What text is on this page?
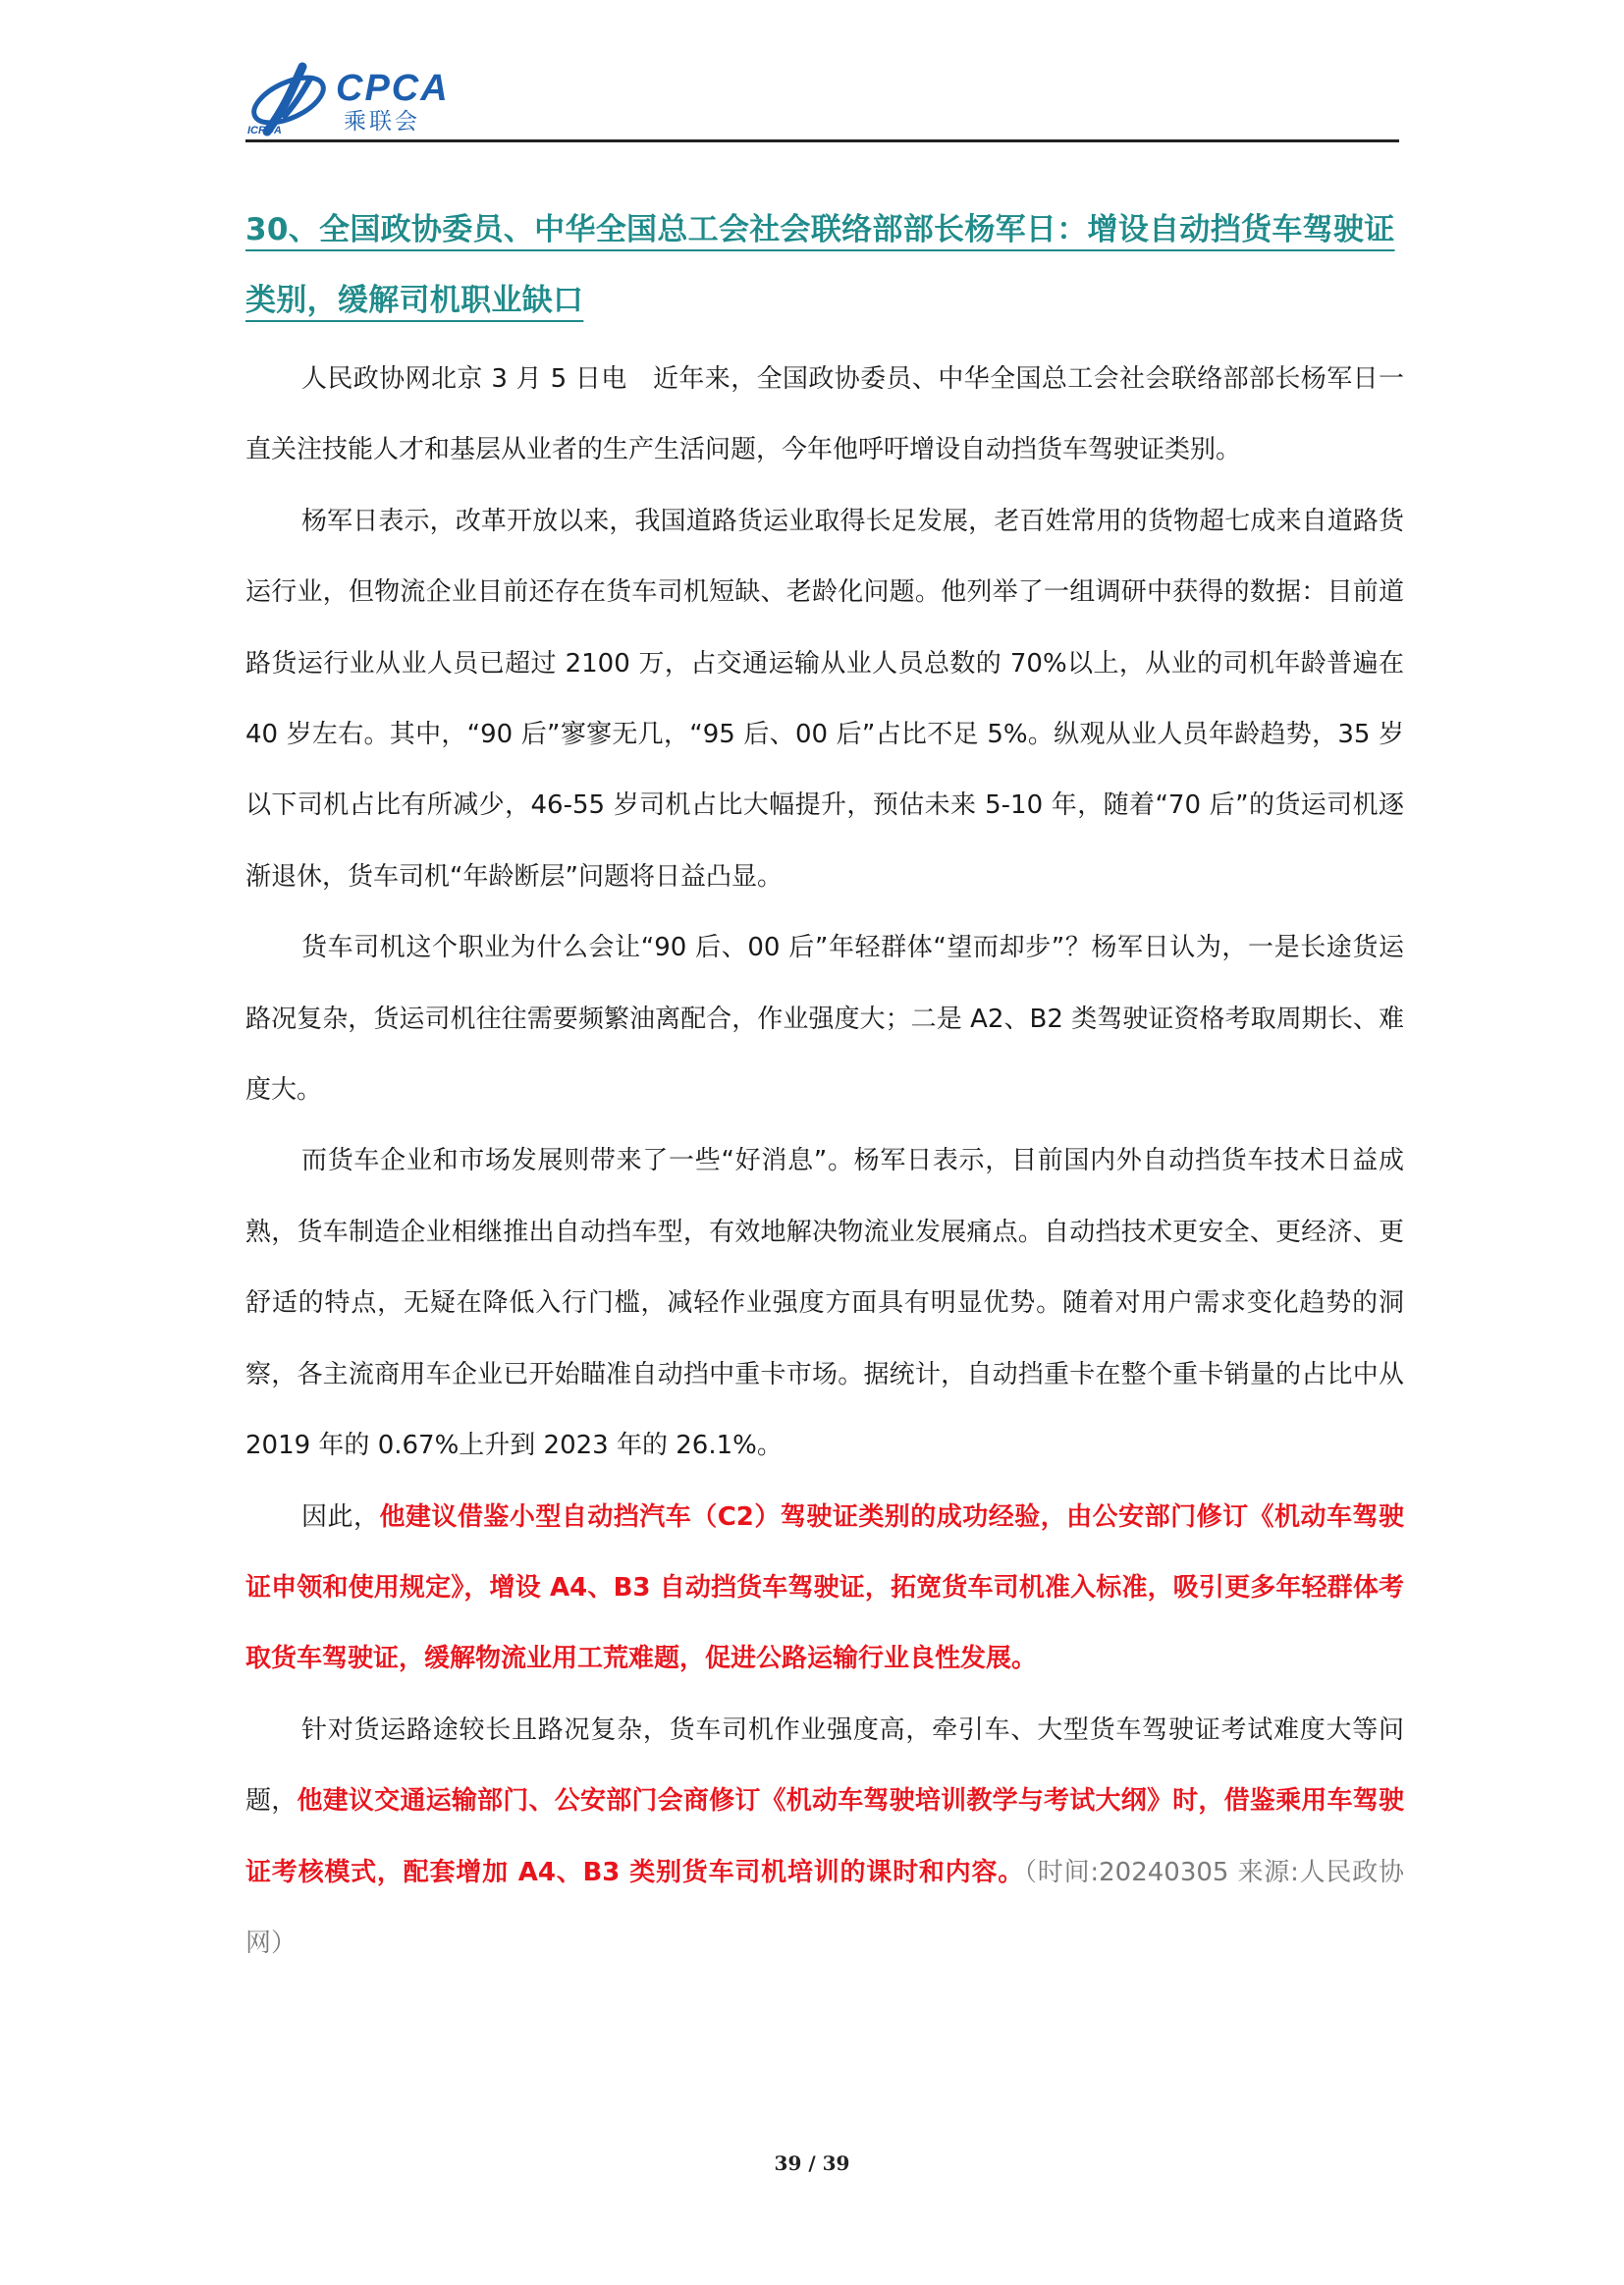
CPCA
乘联会
ICRDA
30、全国政协委员、中华全国总工会社会联络部部长杨军日：增设自动挡货车驾驶证类别，缓解司机职业缺口

人民政协网北京 3 月 5 日电　近年来，全国政协委员、中华全国总工会社会联络部部长杨军日一直关注技能人才和基层从业者的生产生活问题，今年他呼吁增设自动挡货车驾驶证类别。

杨军日表示，改革开放以来，我国道路货运业取得长足发展，老百姓常用的货物超七成来自道路货运行业，但物流企业目前还存在货车司机短缺、老龄化问题。他列举了一组调研中获得的数据：目前道路货运行业从业人员已超过 2100 万，占交通运输从业人员总数的 70%以上，从业的司机年龄普遍在 40 岁左右。其中，“90 后”寥寥无几，“95 后、00 后”占比不足 5%。纵观从业人员年龄趋势，35 岁以下司机占比有所减少，46-55 岁司机占比大幅提升，预估未来 5-10 年，随着“70 后”的货运司机逐渐退休，货车司机“年龄断层”问题将日益凸显。

货车司机这个职业为什么会让“90 后、00 后”年轻群体“望而却步”？杨军日认为，一是长途货运路况复杂，货运司机往往需要频繁油离配合，作业强度大；二是 A2、B2 类驾驶证资格考取周期长、难度大。

而货车企业和市场发展则带来了一些“好消息”。杨军日表示，目前国内外自动挡货车技术日益成熟，货车制造企业相继推出自动挡车型，有效地解决物流业发展痛点。自动挡技术更安全、更经济、更舒适的特点，无疑在降低入行门槛，减轻作业强度方面具有明显优势。随着对用户需求变化趋势的洞察，各主流商用车企业已开始瞄准自动挡中重卡市场。据统计，自动挡重卡在整个重卡销量的占比中从 2019 年的 0.67%上升到 2023 年的 26.1%。

因此，他建议借鉴小型自动挡汽车（C2）驾驶证类别的成功经验，由公安部门修订《机动车驾驶证申领和使用规定》，增设 A4、B3 自动挡货车驾驶证，拓宽货车司机准入标准，吸引更多年轻群体考取货车驾驶证，缓解物流业用工荒难题，促进公路运输行业良性发展。

针对货运路途较长且路况复杂，货车司机作业强度高，牵引车、大型货车驾驶证考试难度大等问题，他建议交通运输部门、公安部门会商修订《机动车驾驶培训教学与考试大纲》时，借鉴乘用车驾驶证考核模式，配套增加 A4、B3 类别货车司机培训的课时和内容。（时间:20240305 来源:人民政协网）

39 / 39
